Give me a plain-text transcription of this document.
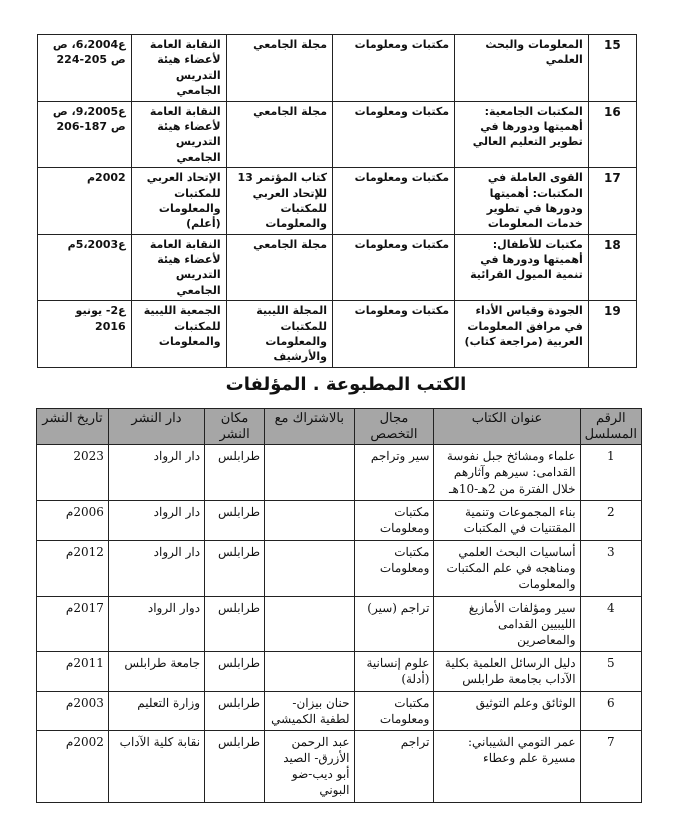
15	المعلومات والبحث العلمي	مكتبات ومعلومات	مجلة الجامعي	النقابة العامة لأعضاء هيئة التدريس الجامعي	ع6،2004، ص ص 205-224
16	المكتبات الجامعية: أهميتها ودورها في تطوير التعليم العالي	مكتبات ومعلومات	مجلة الجامعي	النقابة العامة لأعضاء هيئة التدريس الجامعي	ع9،2005، ص ص 187-206
17	القوى العاملة في المكتبات: أهميتها ودورها في تطوير خدمات المعلومات	مكتبات ومعلومات	كتاب المؤتمر 13 للإتحاد العربي للمكتبات والمعلومات	الإتحاد العربي للمكتبات والمعلومات (أعلم)	2002م
18	مكتبات للأطفال: أهميتها ودورها في تنمية الميول القرائية	مكتبات ومعلومات	مجلة الجامعي	النقابة العامة لأعضاء هيئة التدريس الجامعي	ع5،2003م
19	الجودة وقياس الأداء في مرافق المعلومات العربية (مراجعة كتاب)	مكتبات ومعلومات	المجلة الليبية للمكتبات والمعلومات والأرشيف	الجمعية الليبية للمكتبات والمعلومات	ع2- يونيو 2016
الكتب المطبوعة . المؤلفات
الرقم المسلسل	عنوان الكتاب	مجال التخصص	بالاشتراك مع	مكان النشر	دار النشر	تاريخ النشر
1	علماء ومشائخ جبل نفوسة القدامى: سيرهم وآثارهم خلال الفترة من 2هـ-10هـ	سير وتراجم		طرابلس	دار الرواد	2023
2	بناء المجموعات وتنمية المقتنيات في المكتبات	مكتبات ومعلومات		طرابلس	دار الرواد	2006م
3	أساسيات البحث العلمي ومناهجه في علم المكتبات والمعلومات	مكتبات ومعلومات		طرابلس	دار الرواد	2012م
4	سير ومؤلفات الأمازيغ الليبيين القدامى والمعاصرين	تراجم (سير)		طرابلس	دوار الرواد	2017م
5	دليل الرسائل العلمية بكلية الآداب بجامعة طرابلس	علوم إنسانية (أدلة)		طرابلس	جامعة طرابلس	2011م
6	الوثائق وعلم التوثيق	مكتبات ومعلومات	حنان بيزان- لطفية الكميشي	طرابلس	وزارة التعليم	2003م
7	عمر التومي الشيباني: مسيرة علم وعطاء	تراجم	عبد الرحمن الأزرق- الصيد أبو ديب-ضو البوني	طرابلس	نقابة كلية الآداب	2002م
